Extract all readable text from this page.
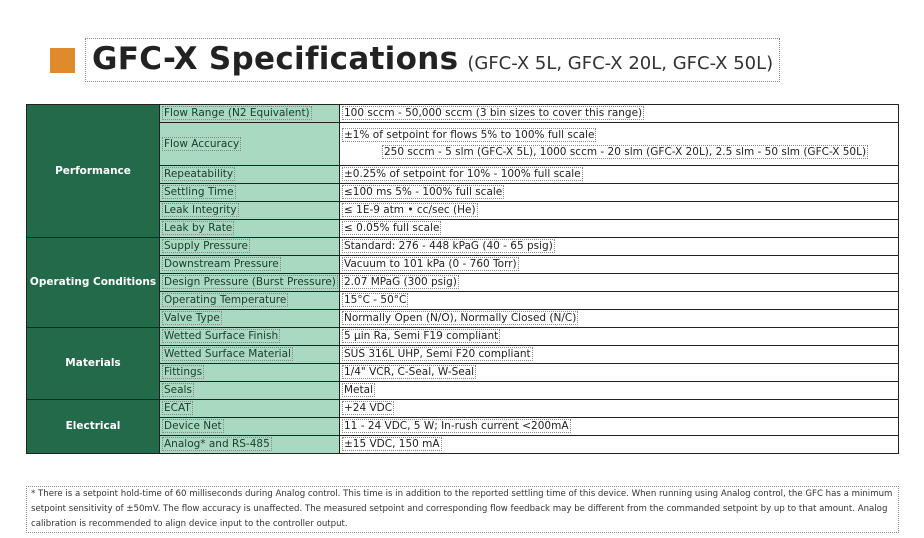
GFC-X Specifications (GFC-X 5L, GFC-X 20L, GFC-X 50L)
Performance	Flow Range (N2 Equivalent)	100 sccm - 50,000 sccm (3 bin sizes to cover this range)
	Flow Accuracy	±1% of setpoint for flows 5% to 100% full scale
250 sccm - 5 slm (GFC-X 5L), 1000 sccm - 20 slm (GFC-X 20L), 2.5 slm - 50 slm (GFC-X 50L)

	Repeatability	±0.25% of setpoint for 10% - 100% full scale
	Settling Time	≤100 ms 5% - 100% full scale
	Leak Integrity	≤ 1E-9 atm • cc/sec (He)
	Leak by Rate	≤ 0.05% full scale
Operating Conditions	Supply Pressure	Standard: 276 - 448 kPaG (40 - 65 psig)
	Downstream Pressure	Vacuum to 101 kPa (0 - 760 Torr)
	Design Pressure (Burst Pressure)	2.07 MPaG (300 psig)
	Operating Temperature	15°C - 50°C
	Valve Type	Normally Open (N/O), Normally Closed (N/C)
Materials	Wetted Surface Finish	5 µin Ra, Semi F19 compliant
	Wetted Surface Material	SUS 316L UHP, Semi F20 compliant
	Fittings	1/4" VCR, C-Seal, W-Seal
	Seals	Metal
Electrical	ECAT	+24 VDC
	Device Net	11 - 24 VDC, 5 W; In-rush current <200mA
	Analog* and RS-485	±15 VDC, 150 mA
* There is a setpoint hold-time of 60 milliseconds during Analog control. This time is in addition to the reported settling time of this device. When running using Analog control, the GFC has a minimum setpoint sensitivity of ±50mV. The flow accuracy is unaffected. The measured setpoint and corresponding flow feedback may be different from the commanded setpoint by up to that amount. Analog calibration is recommended to align device input to the controller output.
